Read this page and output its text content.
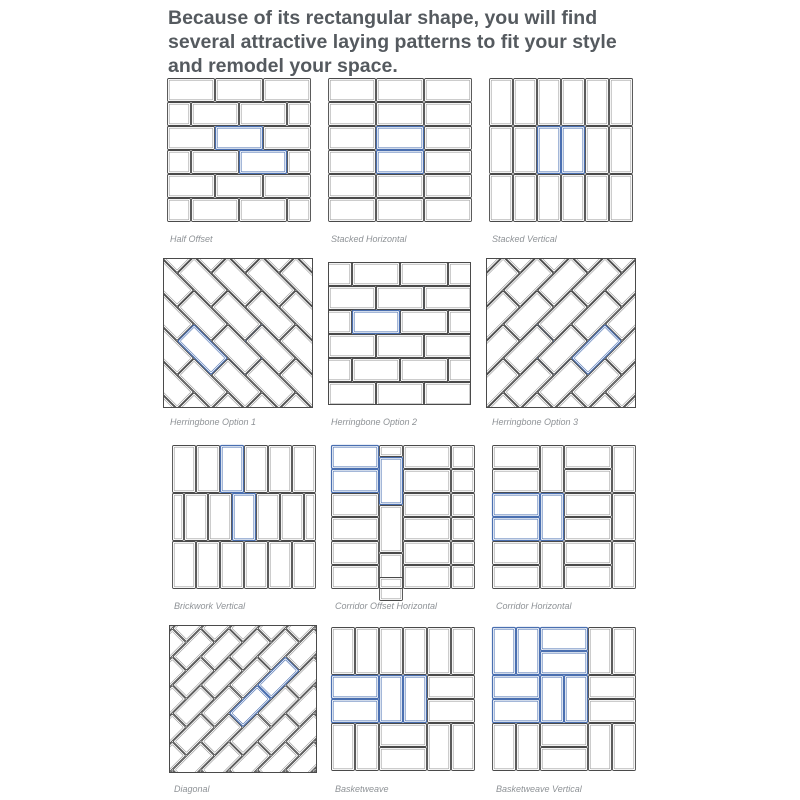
Because of its rectangular shape, you will find several attractive laying patterns to fit your style and remodel your space.
Half Offset	Stacked Horizontal	Stacked Vertical
Herringbone Option 1	Herringbone Option 2	Herringbone Option 3
Brickwork Vertical	Corridor Offset Horizontal	Corridor Horizontal
Diagonal	Basketweave	Basketweave Vertical
